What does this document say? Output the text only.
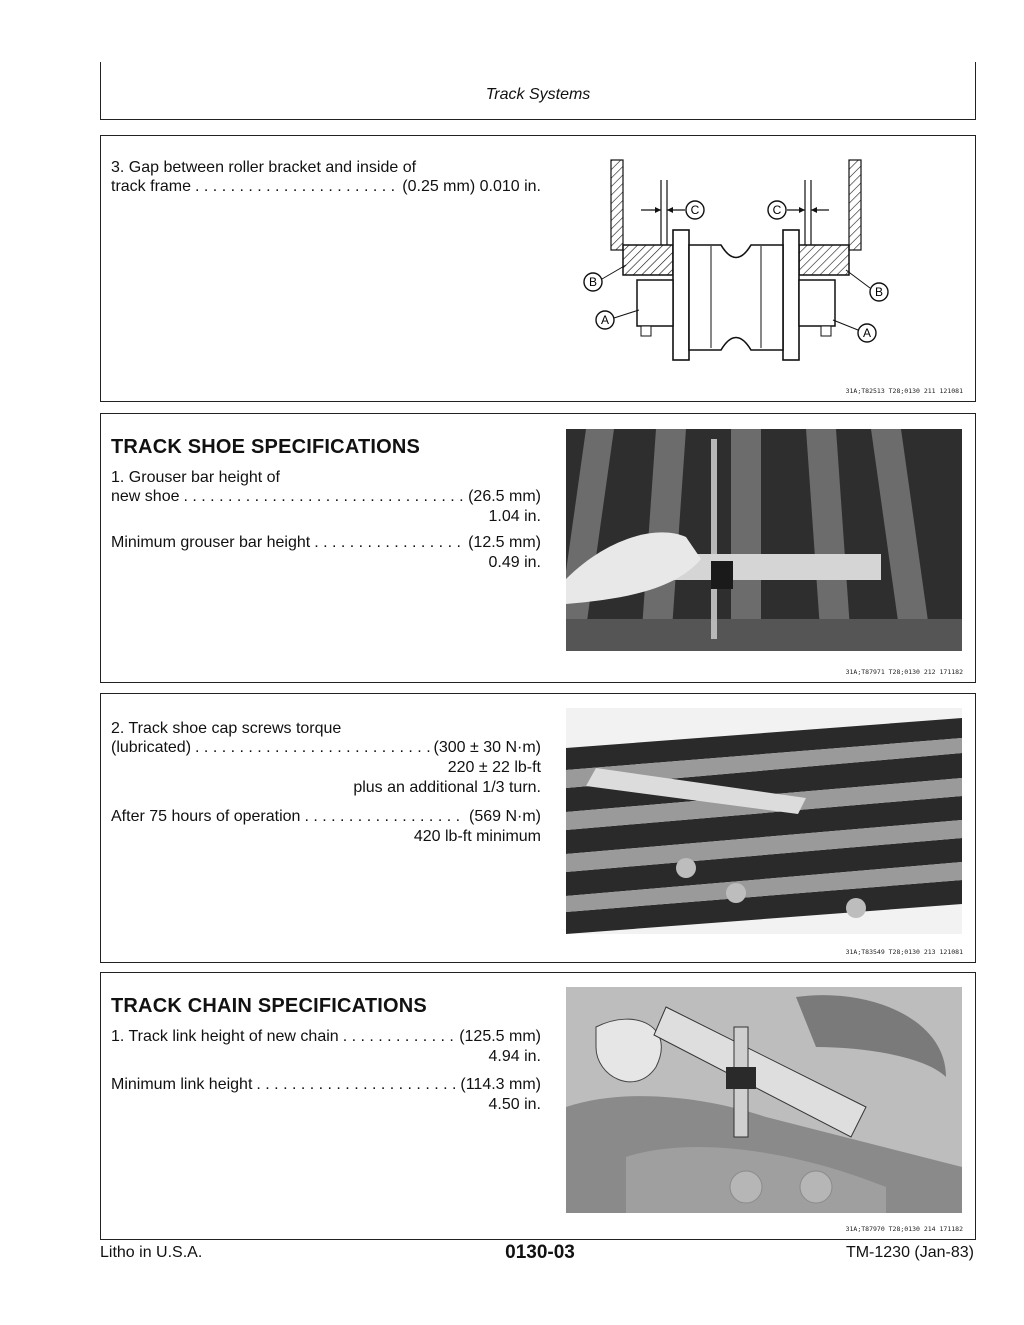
Track Systems
3. Gap between roller bracket and inside of
track frame . . .	(0.25 mm) 0.010 in.
C	C
B
B
A
A
31A;T82513 T28;0130 211 121081
TRACK SHOE SPECIFICATIONS
1. Grouser bar height of
new shoe . . .	(26.5 mm)
1.04 in.
Minimum grouser bar height . . .	(12.5 mm)
0.49 in.
31A;T87971 T28;0130 212 171182
2. Track shoe cap screws torque
(lubricated) . . .	(300 ± 30 N·m)
220 ± 22 lb-ft
plus an additional 1/3 turn.
After 75 hours of operation . . .	(569 N·m)
420 lb-ft minimum
31A;T83549 T28;0130 213 121081
TRACK CHAIN SPECIFICATIONS
1. Track link height of new chain . . .	(125.5 mm)
4.94 in.
Minimum link height . . .	(114.3 mm)
4.50 in.
31A;T87970 T28;0130 214 171182
Litho in U.S.A.	0130-03	TM-1230 (Jan-83)
